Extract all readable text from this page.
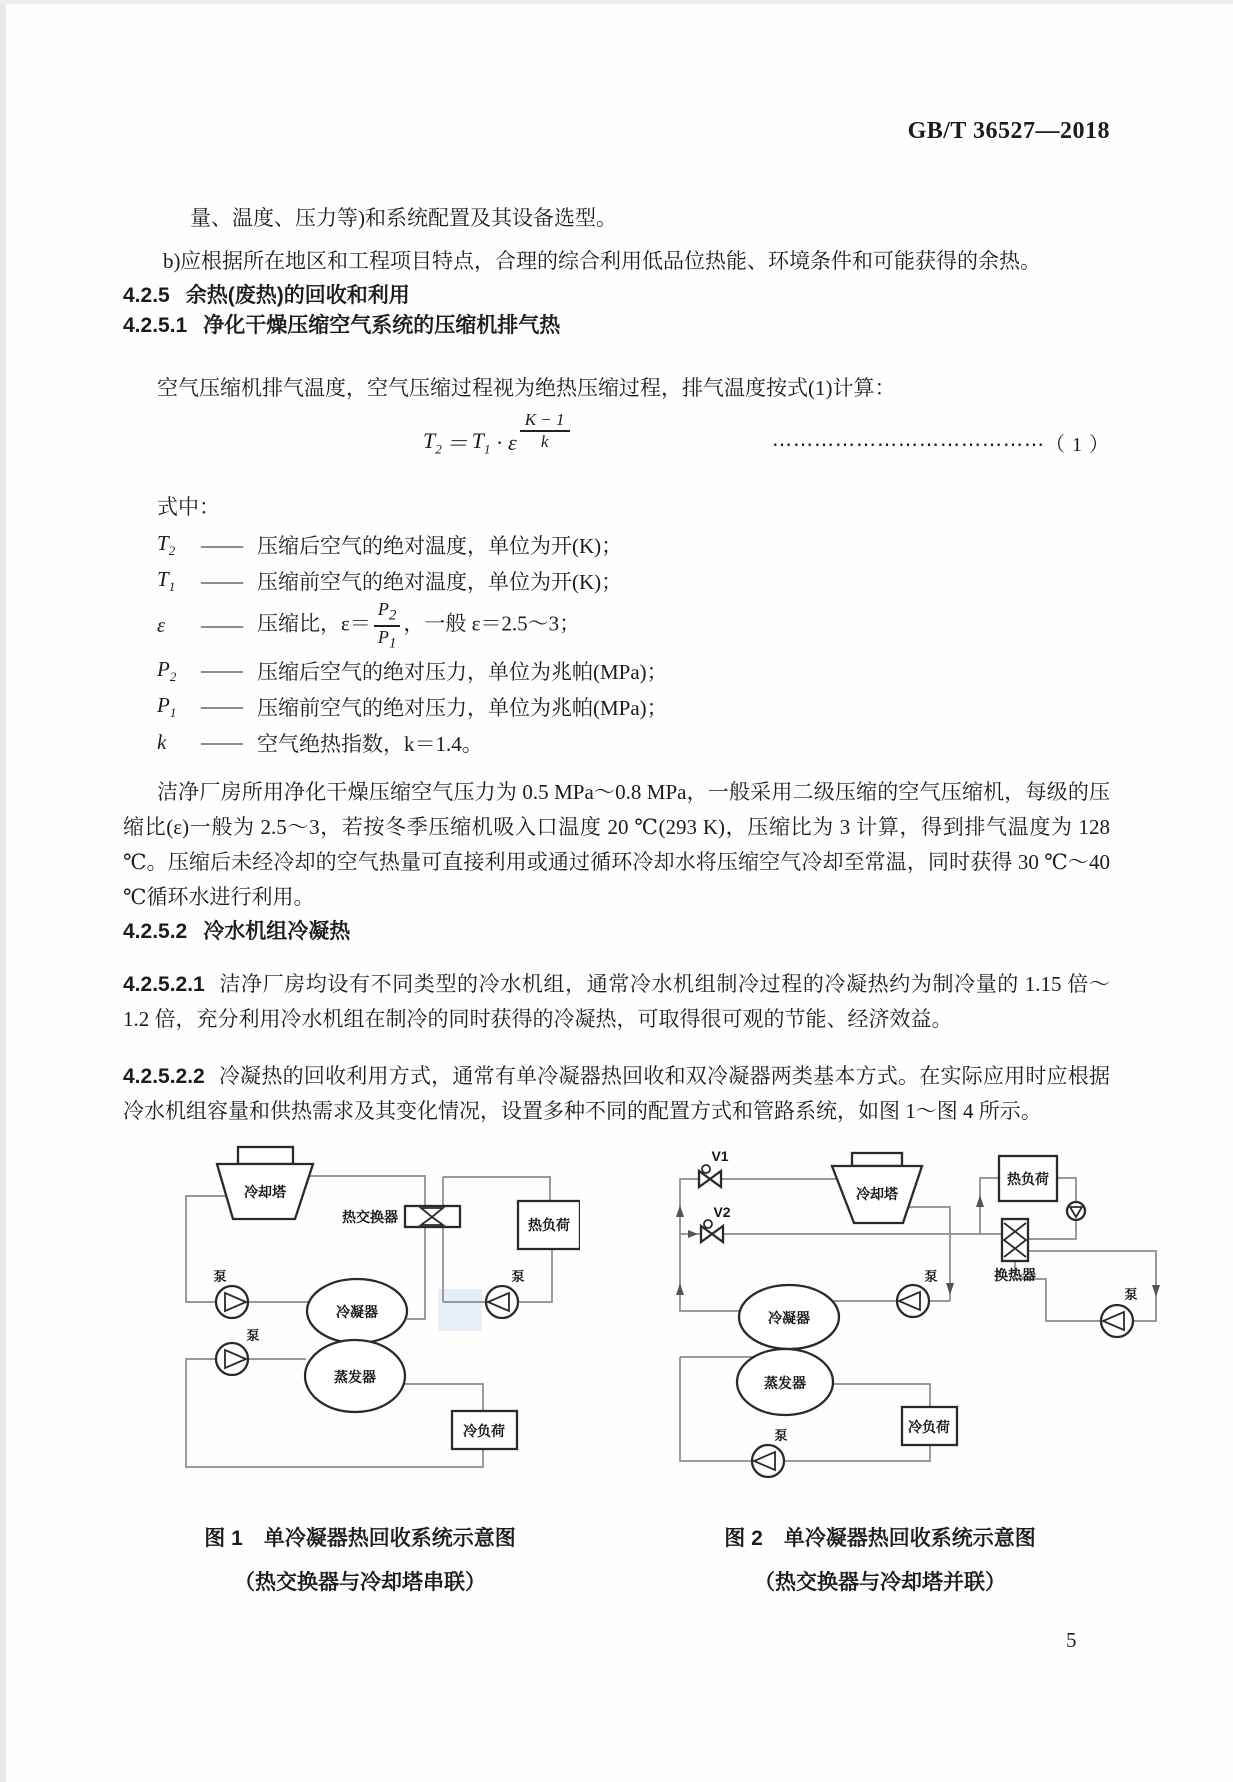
GB/T 36527—2018
量、温度、压力等)和系统配置及其设备选型。
b) 应根据所在地区和工程项目特点，合理的综合利用低品位热能、环境条件和可能获得的余热。
4.2.5 余热(废热)的回收和利用
4.2.5.1 净化干燥压缩空气系统的压缩机排气热

空气压缩机排气温度，空气压缩过程视为绝热压缩过程，排气温度按式(1)计算：

$T_2 = T_1 \cdot \varepsilon \frac{K - 1}{k}$	⋯⋯⋯⋯⋯⋯⋯⋯⋯⋯⋯⋯⋯（ 1 ）
式中：
$T_2$	—— 压缩后空气的绝对温度，单位为开(K)；
$T_1$	—— 压缩前空气的绝对温度，单位为开(K)；
ε	—— 压缩比，$\varepsilon= \frac{P_2}{P_1}$ ，一般 ε＝2.5～3；
$P_2$	—— 压缩后空气的绝对压力，单位为兆帕(MPa)；
$P_1$	—— 压缩前空气的绝对压力，单位为兆帕(MPa)；
k	—— 空气绝热指数，k＝1.4。

洁净厂房所用净化干燥压缩空气压力为 0.5 MPa～0.8 MPa，一般采用二级压缩的空气压缩机，每级的压缩比(ε)一般为 2.5～3，若按冬季压缩机吸入口温度 20 ℃(293 K)，压缩比为 3 计算，得到排气温度为 128 ℃。压缩后未经冷却的空气热量可直接利用或通过循环冷却水将压缩空气冷却至常温，同时获得 30 ℃～40 ℃循环水进行利用。

4.2.5.2 冷水机组冷凝热

4.2.5.2.1 洁净厂房均设有不同类型的冷水机组，通常冷水机组制冷过程的冷凝热约为制冷量的 1.15 倍～1.2 倍，充分利用冷水机组在制冷的同时获得的冷凝热，可取得很可观的节能、经济效益。

4.2.5.2.2 冷凝热的回收利用方式，通常有单冷凝器热回收和双冷凝器两类基本方式。在实际应用时应根据冷水机组容量和供热需求及其变化情况，设置多种不同的配置方式和管路系统，如图 1～图 4 所示。

冷却塔
热交换器	热负荷
泵
泵
泵
冷凝器
蒸发器
冷负荷
图 1　单冷凝器热回收系统示意图
（热交换器与冷却塔串联）
V1
V2
冷却塔
热负荷
换热器
泵
泵
泵
冷凝器
蒸发器
冷负荷
图 2　单冷凝器热回收系统示意图
（热交换器与冷却塔并联）
5
